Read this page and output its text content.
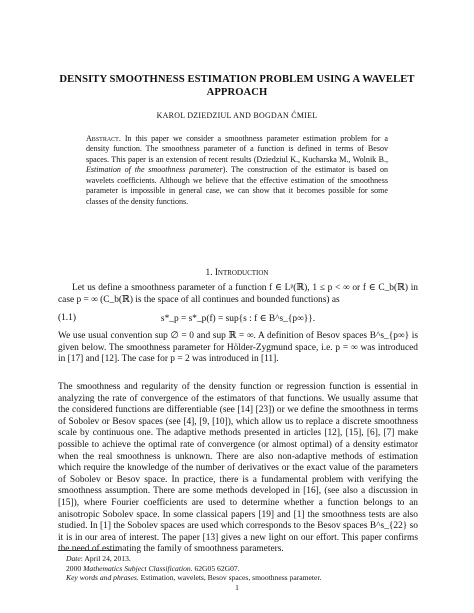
DENSITY SMOOTHNESS ESTIMATION PROBLEM USING A WAVELET APPROACH
KAROL DZIEDZIUL AND BOGDAN ĆMIEL
Abstract. In this paper we consider a smoothness parameter estimation problem for a density function. The smoothness parameter of a function is defined in terms of Besov spaces. This paper is an extension of recent results (Dziedziul K., Kucharska M., Wolnik B., Estimation of the smoothness parameter). The construction of the estimator is based on wavelets coefficients. Although we believe that the effective estimation of the smoothness parameter is impossible in general case, we can show that it becomes possible for some classes of the density functions.
1. Introduction
Let us define a smoothness parameter of a function f ∈ Lᵖ(ℝ), 1 ≤ p < ∞ or f ∈ C_b(ℝ) in case p = ∞ (C_b(ℝ) is the space of all continues and bounded functions) as
(1.1)	s*_p = s*_p(f) = sup{s : f ∈ B^s_{p∞}}.
We use usual convention sup ∅ = 0 and sup ℝ = ∞. A definition of Besov spaces B^s_{p∞} is given below. The smoothness parameter for Hölder-Zygmund space, i.e. p = ∞ was introduced in [17] and [12]. The case for p = 2 was introduced in [11].
The smoothness and regularity of the density function or regression function is essential in analyzing the rate of convergence of the estimators of that functions. We usually assume that the considered functions are differentiable (see [14] [23]) or we define the smoothness in terms of Sobolev or Besov spaces (see [4], [9, [10]), which allow us to replace a discrete smoothness scale by continuous one. The adaptive methods presented in articles [12], [15], [6], [7] make possible to achieve the optimal rate of convergence (or almost optimal) of a density estimator when the real smoothness is unknown. There are also non-adaptive methods of estimation which require the knowledge of the number of derivatives or the exact value of the parameters of Sobolev or Besov space. In practice, there is a fundamental problem with verifying the smoothness assumption. There are some methods developed in [16], (see also a discussion in [15]), where Fourier coefficients are used to determine whether a function belongs to an anisotropic Sobolev space. In some classical papers [19] and [1] the smoothness tests are also studied. In [1] the Sobolev spaces are used which corresponds to the Besov spaces B^s_{22} so it is in our area of interest. The paper [13] gives a new light on our effort. This paper confirms the need of estimating the family of smoothness parameters.
Date: April 24, 2013.
2000 Mathematics Subject Classification. 62G05 62G07.
Key words and phrases. Estimation, wavelets, Besov spaces, smoothness parameter.
1
